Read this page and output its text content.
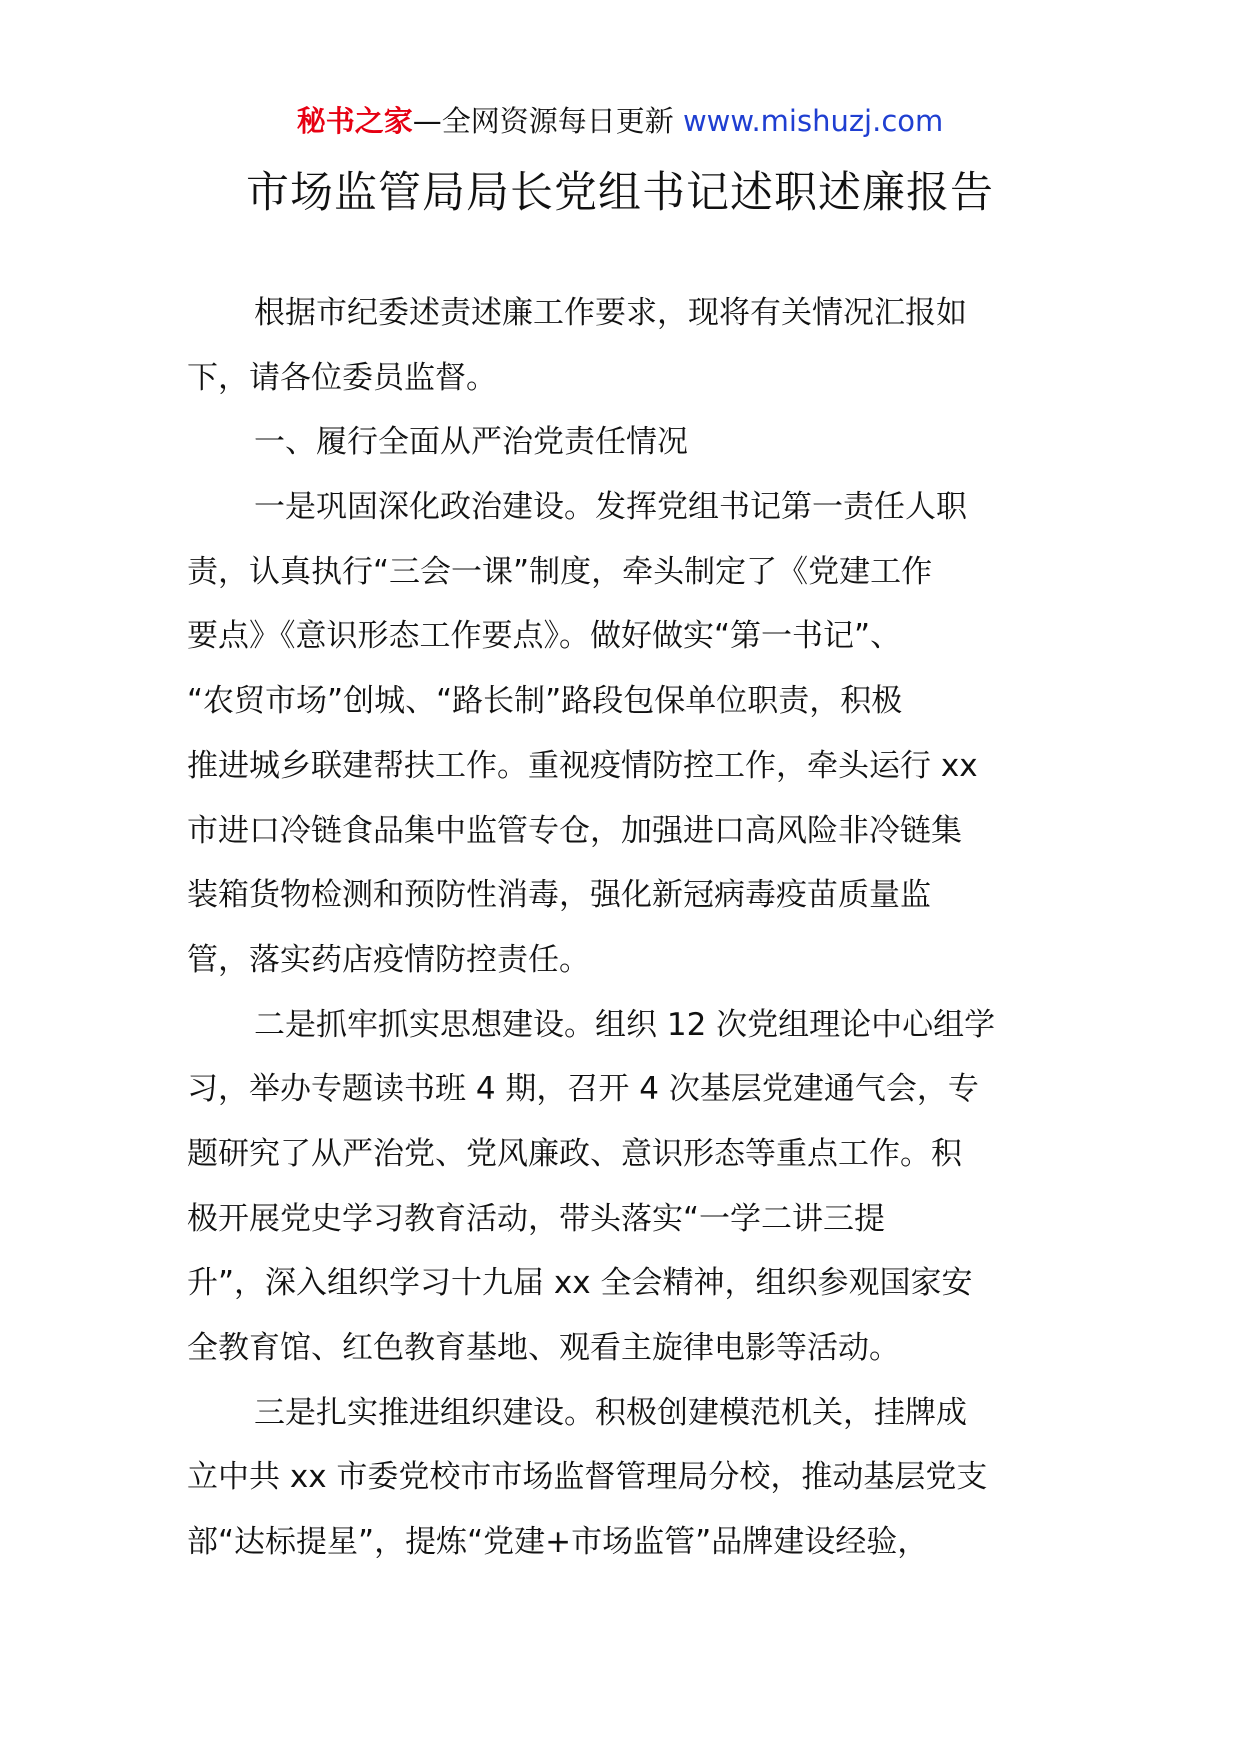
秘书之家—全网资源每日更新 www.mishuzj.com
市场监管局局长党组书记述职述廉报告
根据市纪委述责述廉工作要求，现将有关情况汇报如
下，请各位委员监督。
一、履行全面从严治党责任情况
一是巩固深化政治建设。发挥党组书记第一责任人职
责，认真执行“三会一课”制度，牵头制定了《党建工作
要点》《意识形态工作要点》。做好做实“第一书记”、
“农贸市场”创城、“路长制”路段包保单位职责，积极
推进城乡联建帮扶工作。重视疫情防控工作，牵头运行 xx
市进口冷链食品集中监管专仓，加强进口高风险非冷链集
装箱货物检测和预防性消毒，强化新冠病毒疫苗质量监
管，落实药店疫情防控责任。
二是抓牢抓实思想建设。组织 12 次党组理论中心组学
习，举办专题读书班 4 期，召开 4 次基层党建通气会，专
题研究了从严治党、党风廉政、意识形态等重点工作。积
极开展党史学习教育活动，带头落实“一学二讲三提
升”，深入组织学习十九届 xx 全会精神，组织参观国家安
全教育馆、红色教育基地、观看主旋律电影等活动。
三是扎实推进组织建设。积极创建模范机关，挂牌成
立中共 xx 市委党校市市场监督管理局分校，推动基层党支
部“达标提星”，提炼“党建+市场监管”品牌建设经验，
